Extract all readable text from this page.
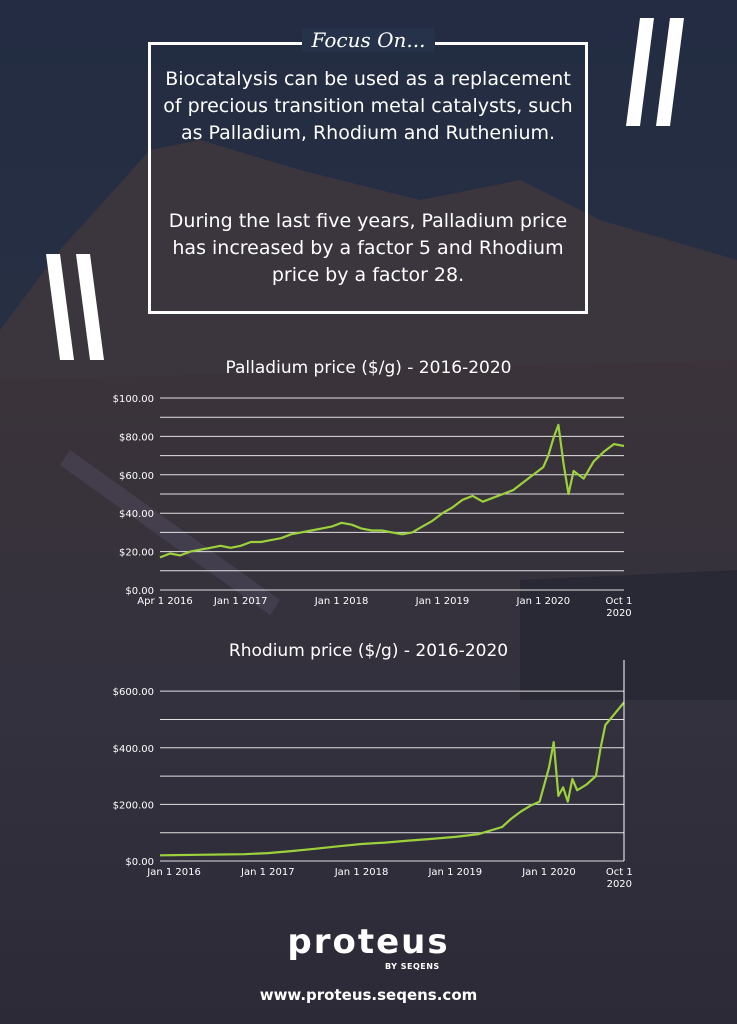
Focus On...
Biocatalysis can be used as a replacement of precious transition metal catalysts, such as Palladium, Rhodium and Ruthenium.
During the last five years, Palladium price has increased by a factor 5 and Rhodium price by a factor 28.
Palladium price ($/g) - 2016-2020
$100.00
$80.00
$60.00
$40.00
$20.00
$0.00
Apr 1 2016 Jan 1 2017	Jan 1 2018	Jan 1 2019	Jan 1 2020	Oct 1
2020
Rhodium price ($/g) - 2016-2020
$600.00
$400.00
$200.00
$0.00
Jan 1 2016	Jan 1 2017	Jan 1 2018	Jan 1 2019	Jan 1 2020	Oct 1
2020
proteus
BY SEQENS
www.proteus.seqens.com
